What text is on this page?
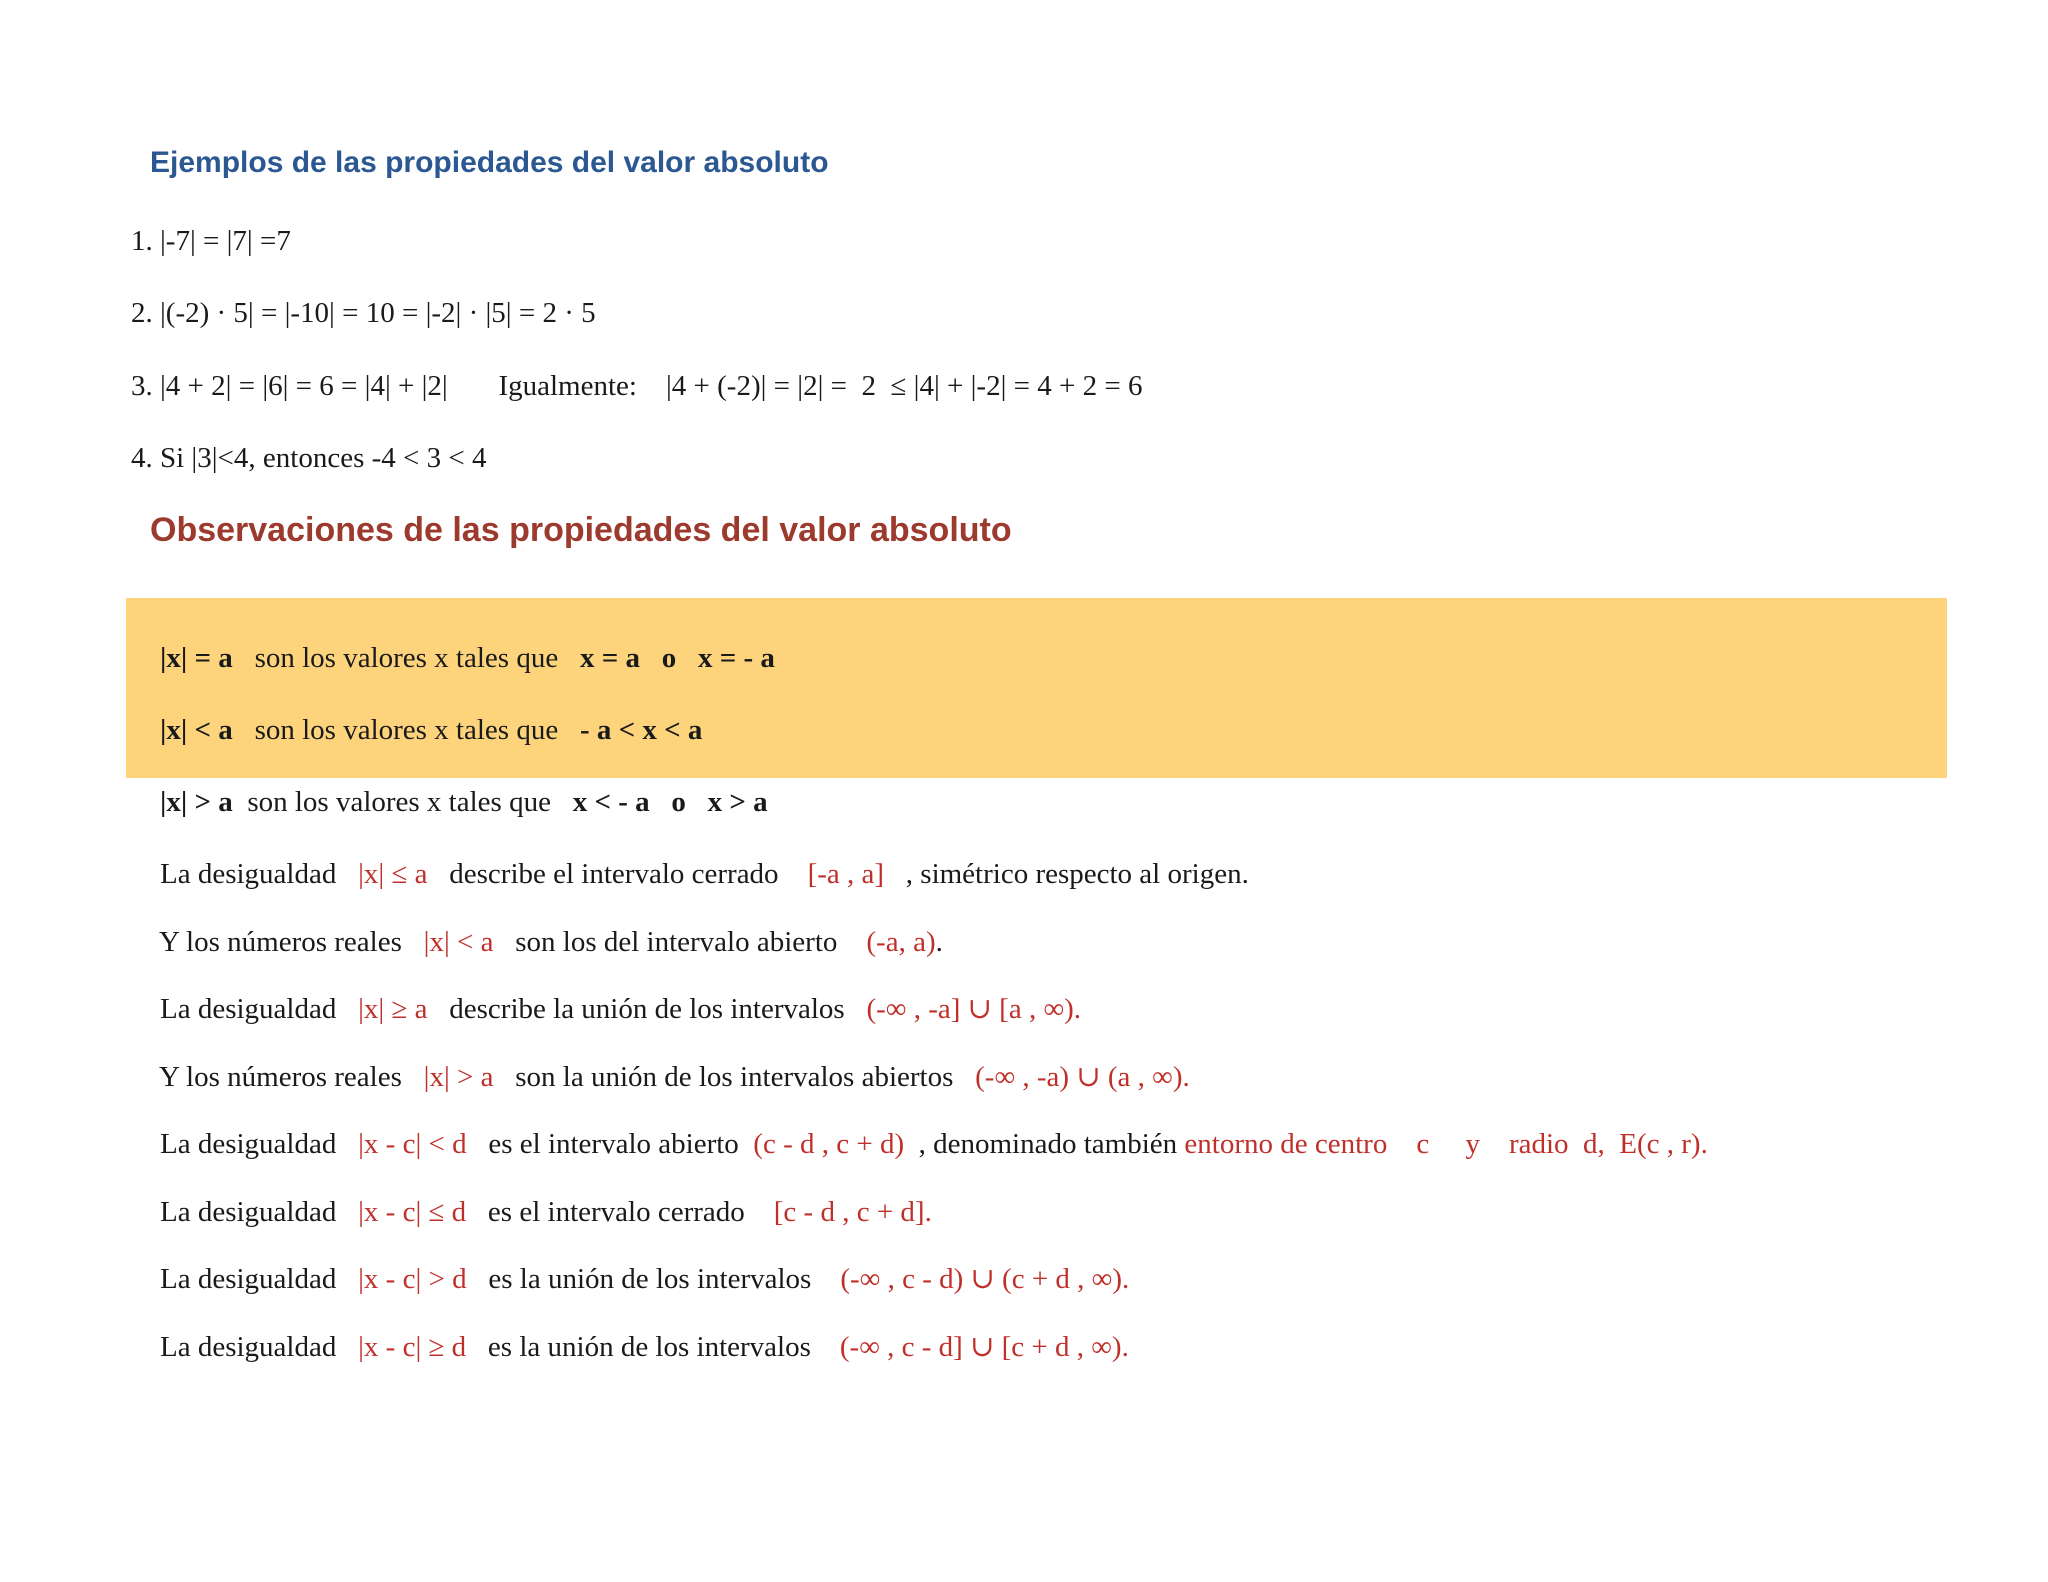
Ejemplos de las propiedades del valor absoluto
1. |-7| = |7| =7
2. |(-2) · 5| = |-10| = 10 = |-2| · |5| = 2 · 5
3. |4 + 2| = |6| = 6 = |4| + |2|       Igualmente:    |4 + (-2)| = |2| =  2  ≤ |4| + |-2| = 4 + 2 = 6
4. Si |3|<4, entonces -4 < 3 < 4
Observaciones de las propiedades del valor absoluto

|x| = a   son los valores x tales que   x = a   o   x = - a

|x| < a   son los valores x tales que   - a < x < a

|x| > a  son los valores x tales que   x < - a   o   x > a

La desigualdad   |x| ≤ a   describe el intervalo cerrado    [-a , a]   , simétrico respecto al origen.

Y los números reales   |x| < a   son los del intervalo abierto    (-a, a).

La desigualdad   |x| ≥ a   describe la unión de los intervalos   (-∞ , -a] ∪ [a , ∞).

Y los números reales   |x| > a   son la unión de los intervalos abiertos   (-∞ , -a) ∪ (a , ∞).

La desigualdad   |x - c| < d   es el intervalo abierto  (c - d , c + d)  , denominado también entorno de centro    c     y    radio  d,  E(c , r).

La desigualdad   |x - c| ≤ d   es el intervalo cerrado    [c - d , c + d].

La desigualdad   |x - c| > d   es la unión de los intervalos    (-∞ , c - d) ∪ (c + d , ∞).

La desigualdad   |x - c| ≥ d   es la unión de los intervalos    (-∞ , c - d] ∪ [c + d , ∞).
